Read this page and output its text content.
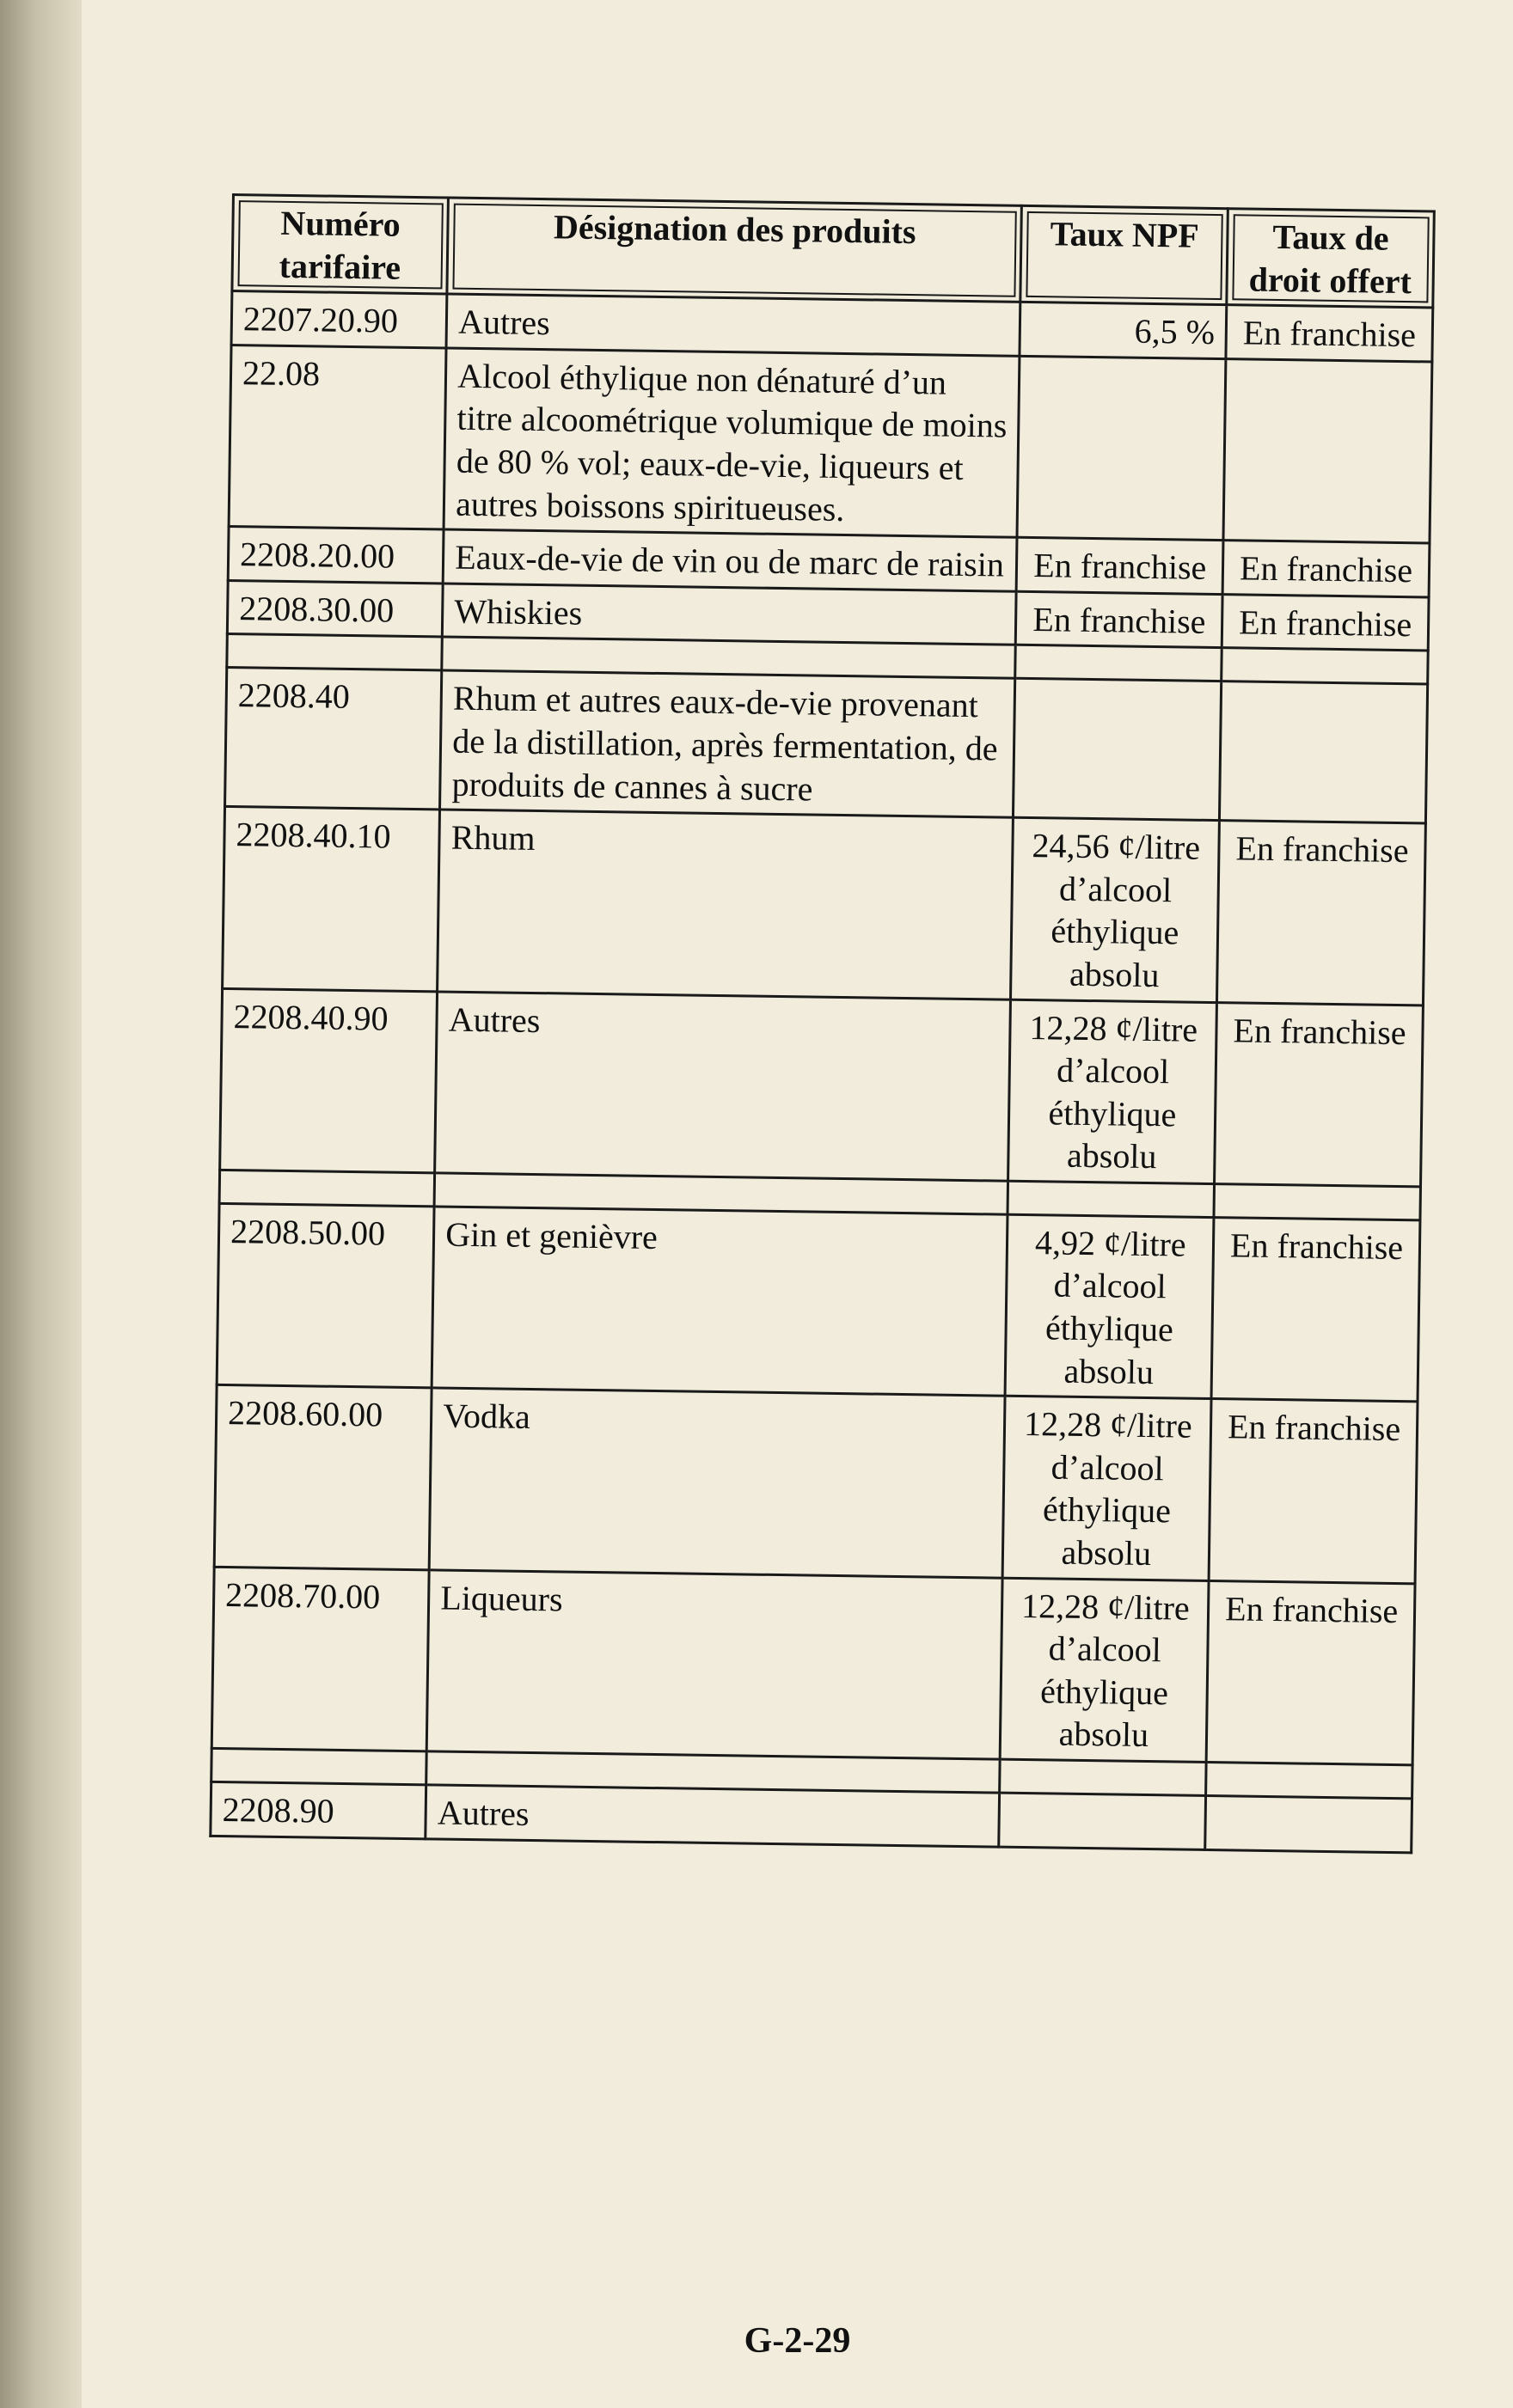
Numéro tarifaire	Désignation des produits	Taux NPF	Taux de droit offert
2207.20.90	Autres	6,5 %	En franchise
22.08	Alcool éthylique non dénaturé d’un titre alcoométrique volumique de moins de 80 % vol; eaux-de-vie, liqueurs et autres boissons spiritueuses.		
2208.20.00	Eaux-de-vie de vin ou de marc de raisin	En franchise	En franchise
2208.30.00	Whiskies	En franchise	En franchise

2208.40	Rhum et autres eaux-de-vie provenant de la distillation, après fermentation, de produits de cannes à sucre		
2208.40.10	Rhum	24,56 ¢/litre d’alcool éthylique absolu	En franchise
2208.40.90	Autres	12,28 ¢/litre d’alcool éthylique absolu	En franchise

2208.50.00	Gin et genièvre	4,92 ¢/litre d’alcool éthylique absolu	En franchise
2208.60.00	Vodka	12,28 ¢/litre d’alcool éthylique absolu	En franchise
2208.70.00	Liqueurs	12,28 ¢/litre d’alcool éthylique absolu	En franchise

2208.90	Autres		
G-2-29
